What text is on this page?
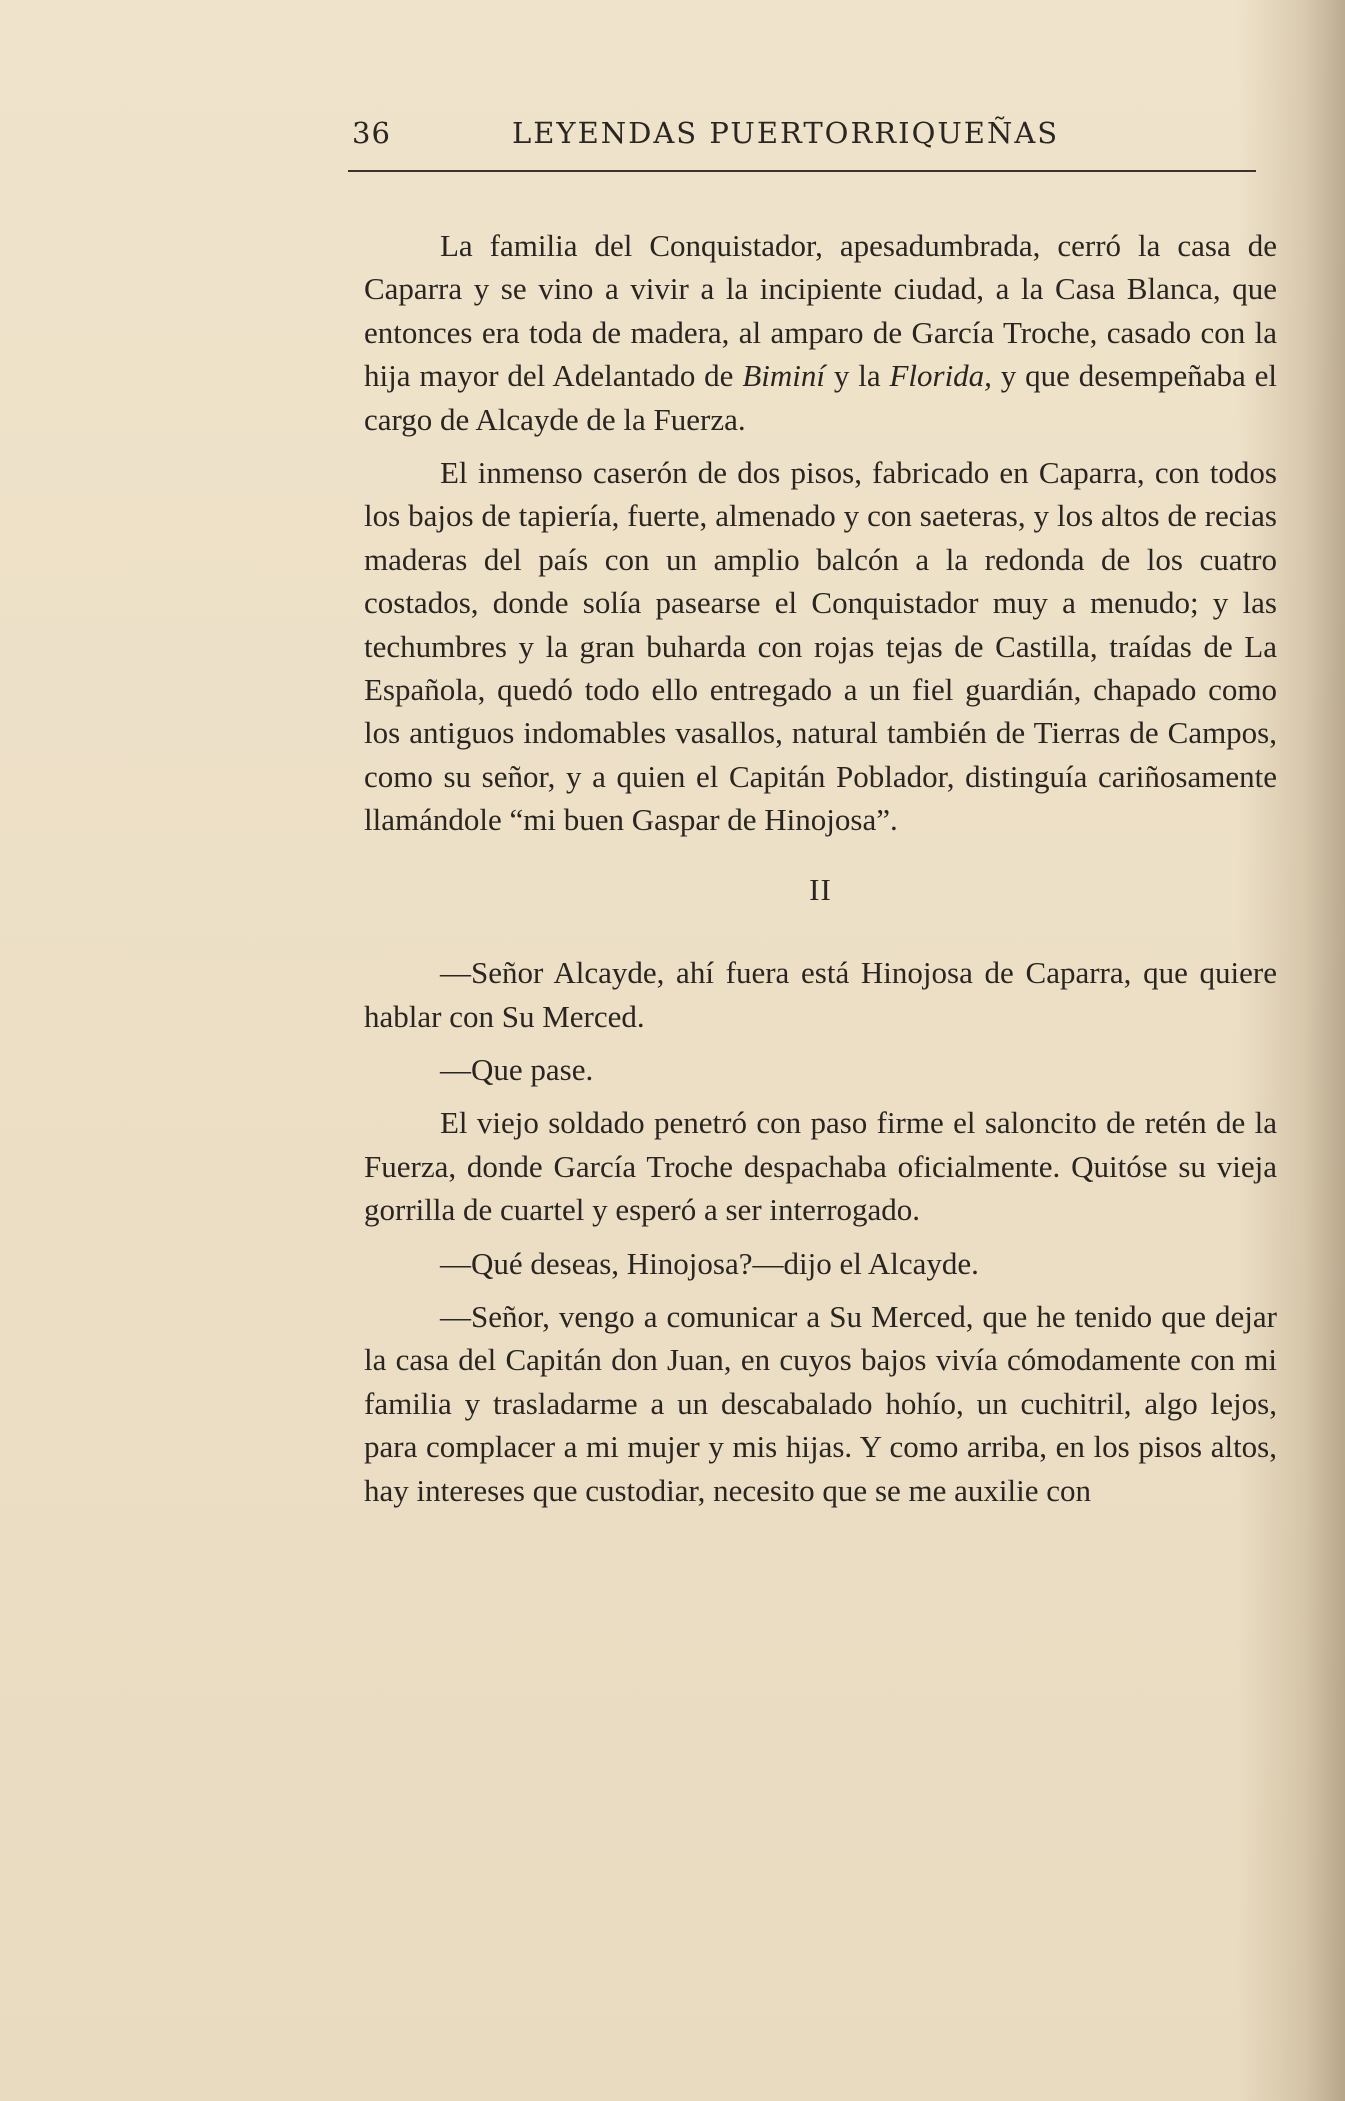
36	LEYENDAS PUERTORRIQUEÑAS

La familia del Conquistador, apesadumbrada, cerró la casa de Caparra y se vino a vivir a la incipiente ciudad, a la Casa Blanca, que entonces era toda de madera, al amparo de García Troche, casado con la hija mayor del Adelantado de Biminí y la Florida, y que desempeñaba el cargo de Alcayde de la Fuerza.

El inmenso caserón de dos pisos, fabricado en Caparra, con todos los bajos de tapiería, fuerte, almenado y con saeteras, y los altos de recias maderas del país con un amplio balcón a la redonda de los cuatro costados, donde solía pasearse el Conquistador muy a menudo; y las techumbres y la gran buharda con rojas tejas de Castilla, traídas de La Española, quedó todo ello entregado a un fiel guardián, chapado como los antiguos indomables vasallos, natural también de Tierras de Campos, como su señor, y a quien el Capitán Poblador, distinguía cariñosamente llamándole “mi buen Gaspar de Hinojosa”.

II

—Señor Alcayde, ahí fuera está Hinojosa de Caparra, que quiere hablar con Su Merced.

—Que pase.

El viejo soldado penetró con paso firme el saloncito de retén de la Fuerza, donde García Troche despachaba oficialmente. Quitóse su vieja gorrilla de cuartel y esperó a ser interrogado.

—Qué deseas, Hinojosa?—dijo el Alcayde.

—Señor, vengo a comunicar a Su Merced, que he tenido que dejar la casa del Capitán don Juan, en cuyos bajos vivía cómodamente con mi familia y trasladarme a un descabalado hohío, un cuchitril, algo lejos, para complacer a mi mujer y mis hijas. Y como arriba, en los pisos altos, hay intereses que custodiar, necesito que se me auxilie con
